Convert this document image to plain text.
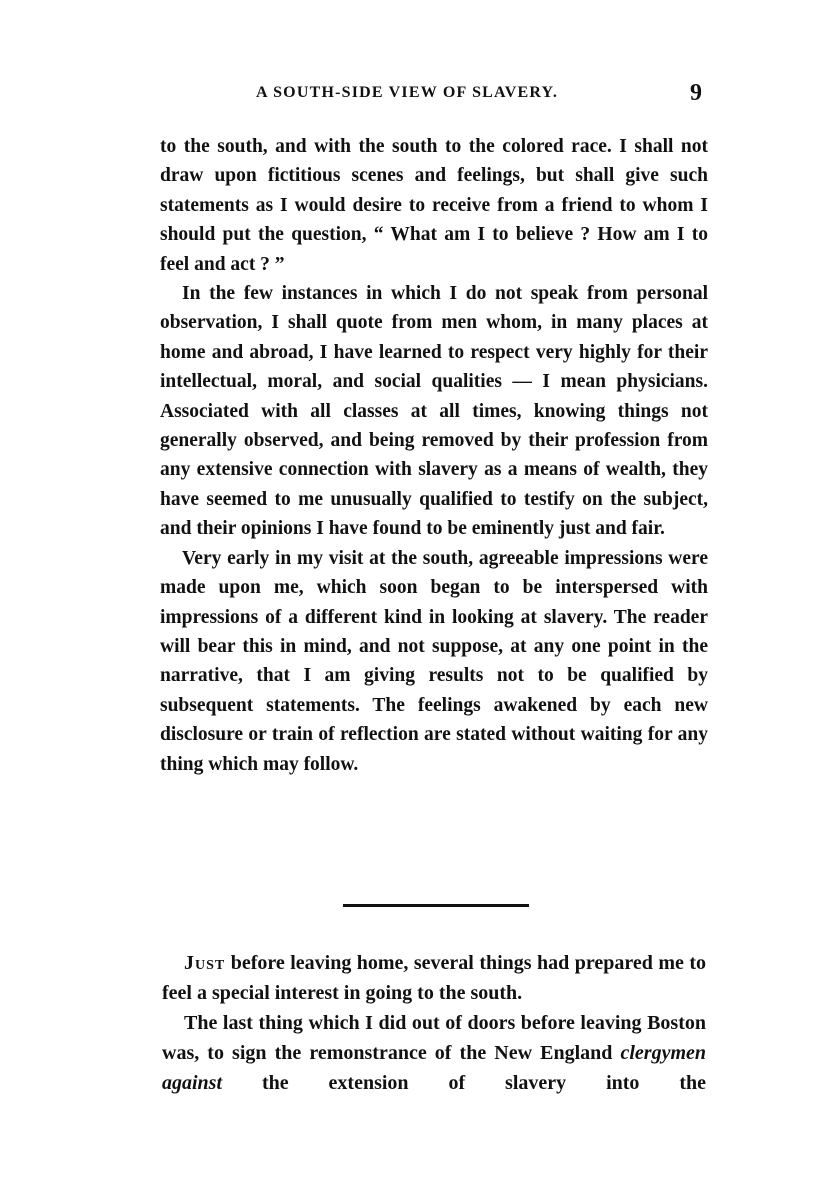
A SOUTH-SIDE VIEW OF SLAVERY.	9

to the south, and with the south to the colored race. I shall not draw upon fictitious scenes and feelings, but shall give such statements as I would desire to receive from a friend to whom I should put the question, “ What am I to believe ? How am I to feel and act ? ”

In the few instances in which I do not speak from personal observation, I shall quote from men whom, in many places at home and abroad, I have learned to respect very highly for their intellectual, moral, and social qualities — I mean physicians. Associated with all classes at all times, knowing things not generally observed, and being removed by their profession from any extensive connection with slavery as a means of wealth, they have seemed to me unusually qualified to testify on the subject, and their opinions I have found to be eminently just and fair.

Very early in my visit at the south, agreeable impressions were made upon me, which soon began to be interspersed with impressions of a different kind in looking at slavery. The reader will bear this in mind, and not suppose, at any one point in the narrative, that I am giving results not to be qualified by subsequent statements. The feelings awakened by each new disclosure or train of reflection are stated without waiting for any thing which may follow.

Just before leaving home, several things had prepared me to feel a special interest in going to the south.

The last thing which I did out of doors before leaving Boston was, to sign the remonstrance of the New England clergymen against the extension of slavery into the
